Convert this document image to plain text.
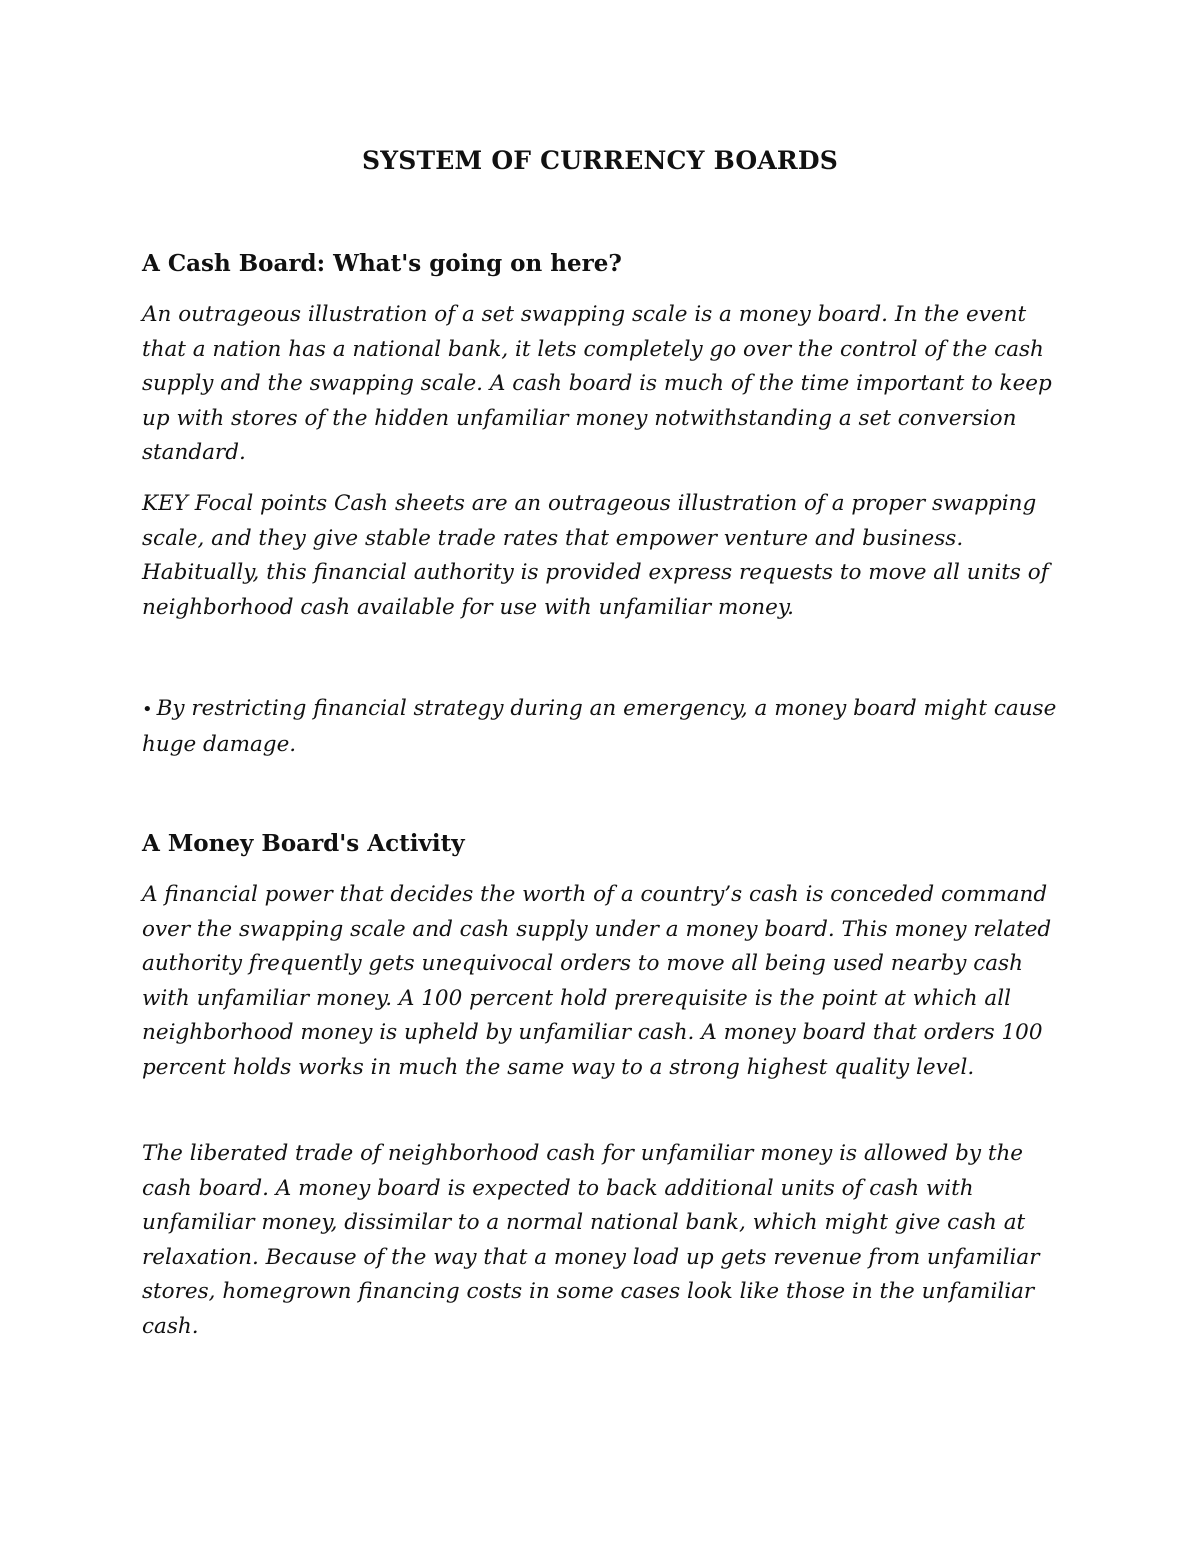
SYSTEM OF CURRENCY BOARDS
A Cash Board: What's going on here?

An outrageous illustration of a set swapping scale is a money board. In the event that a nation has a national bank, it lets completely go over the control of the cash supply and the swapping scale. A cash board is much of the time important to keep up with stores of the hidden unfamiliar money notwithstanding a set conversion standard.

KEY Focal points Cash sheets are an outrageous illustration of a proper swapping scale, and they give stable trade rates that empower venture and business. Habitually, this financial authority is provided express requests to move all units of neighborhood cash available for use with unfamiliar money.

• By restricting financial strategy during an emergency, a money board might cause huge damage.

A Money Board's Activity

A financial power that decides the worth of a country’s cash is conceded command over the swapping scale and cash supply under a money board. This money related authority frequently gets unequivocal orders to move all being used nearby cash with unfamiliar money. A 100 percent hold prerequisite is the point at which all neighborhood money is upheld by unfamiliar cash. A money board that orders 100 percent holds works in much the same way to a strong highest quality level.

The liberated trade of neighborhood cash for unfamiliar money is allowed by the cash board. A money board is expected to back additional units of cash with unfamiliar money, dissimilar to a normal national bank, which might give cash at relaxation. Because of the way that a money load up gets revenue from unfamiliar stores, homegrown financing costs in some cases look like those in the unfamiliar cash.
